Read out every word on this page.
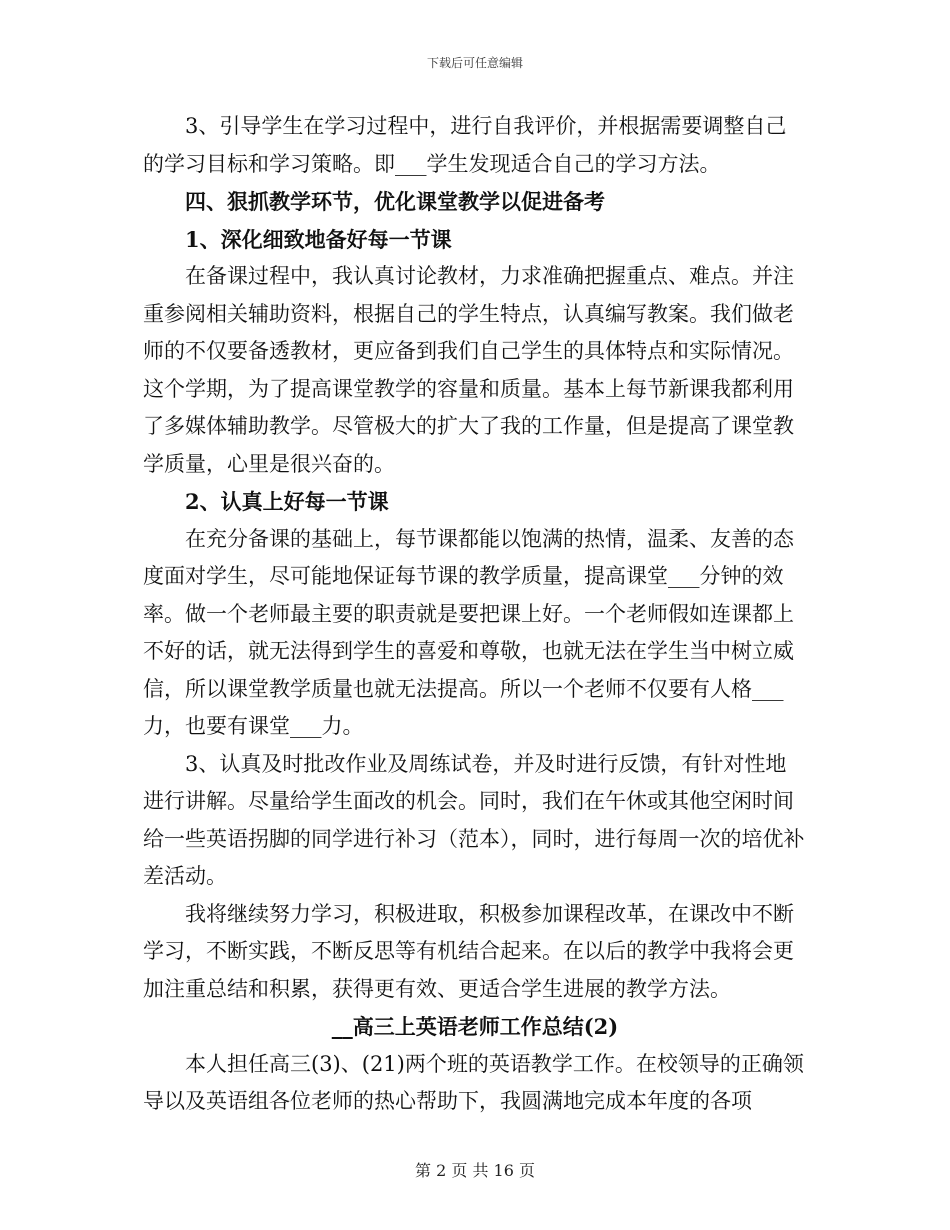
下载后可任意编辑

3、引导学生在学习过程中，进行自我评价，并根据需要调整自己的学习目标和学习策略。即___学生发现适合自己的学习方法。

四、狠抓教学环节，优化课堂教学以促进备考

1、深化细致地备好每一节课

在备课过程中，我认真讨论教材，力求准确把握重点、难点。并注重参阅相关辅助资料，根据自己的学生特点，认真编写教案。我们做老师的不仅要备透教材，更应备到我们自己学生的具体特点和实际情况。这个学期，为了提高课堂教学的容量和质量。基本上每节新课我都利用了多媒体辅助教学。尽管极大的扩大了我的工作量，但是提高了课堂教学质量，心里是很兴奋的。

2、认真上好每一节课

在充分备课的基础上，每节课都能以饱满的热情，温柔、友善的态度面对学生，尽可能地保证每节课的教学质量，提高课堂___分钟的效率。做一个老师最主要的职责就是要把课上好。一个老师假如连课都上不好的话，就无法得到学生的喜爱和尊敬，也就无法在学生当中树立威信，所以课堂教学质量也就无法提高。所以一个老师不仅要有人格___力，也要有课堂___力。

3、认真及时批改作业及周练试卷，并及时进行反馈，有针对性地进行讲解。尽量给学生面改的机会。同时，我们在午休或其他空闲时间给一些英语拐脚的同学进行补习（范本），同时，进行每周一次的培优补差活动。

我将继续努力学习，积极进取，积极参加课程改革，在课改中不断学习，不断实践，不断反思等有机结合起来。在以后的教学中我将会更加注重总结和积累，获得更有效、更适合学生进展的教学方法。

__高三上英语老师工作总结(2)

本人担任高三(3)、(21)两个班的英语教学工作。在校领导的正确领导以及英语组各位老师的热心帮助下，我圆满地完成本年度的各项

第 2 页 共 16 页
